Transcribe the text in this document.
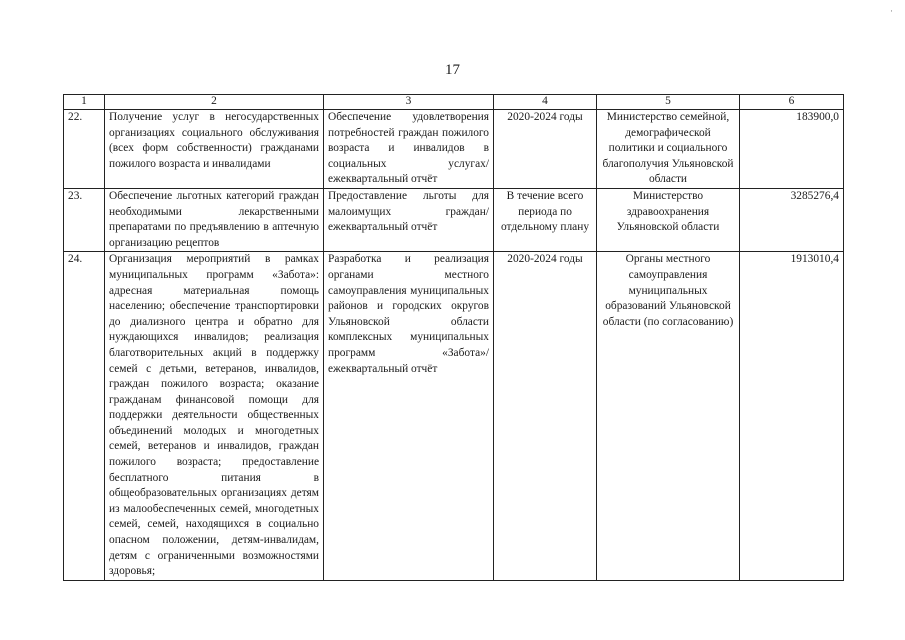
·
17
1	2	3	4	5	6
22.	Получение услуг в негосударственных организациях социального обслуживания (всех форм собственности) гражданами пожилого возраста и инвалидами	Обеспечение удовлетворения потребностей граждан пожилого возраста и инвалидов в социальных услугах/ежеквартальный отчёт	2020-2024 годы	Министерство семейной, демографической политики и социального благополучия Ульяновской области	183900,0
23.	Обеспечение льготных категорий граждан необходимыми лекарственными препаратами по предъявлению в аптечную организацию рецептов	Предоставление льготы для малоимущих граждан/ежеквартальный отчёт	В течение всего периода по отдельному плану	Министерство здравоохранения Ульяновской области	3285276,4
24.	Организация мероприятий в рамках муниципальных программ «Забота»: адресная материальная помощь населению; обеспечение транспортировки до диализного центра и обратно для нуждающихся инвалидов; реализация благотворительных акций в поддержку семей с детьми, ветеранов, инвалидов, граждан пожилого возраста; оказание гражданам финансовой помощи для поддержки деятельности общественных объединений молодых и многодетных семей, ветеранов и инвалидов, граждан пожилого возраста; предоставление бесплатного питания в общеобразовательных организациях детям из малообеспеченных семей, многодетных семей, семей, находящихся в социально опасном положении, детям-инвалидам, детям с ограниченными возможностями здоровья;	Разработка и реализация органами местного самоуправления муниципальных районов и городских округов Ульяновской области комплексных муниципальных программ «Забота»/ежеквартальный отчёт	2020-2024 годы	Органы местного самоуправления муниципальных образований Ульяновской области (по согласованию)	1913010,4
